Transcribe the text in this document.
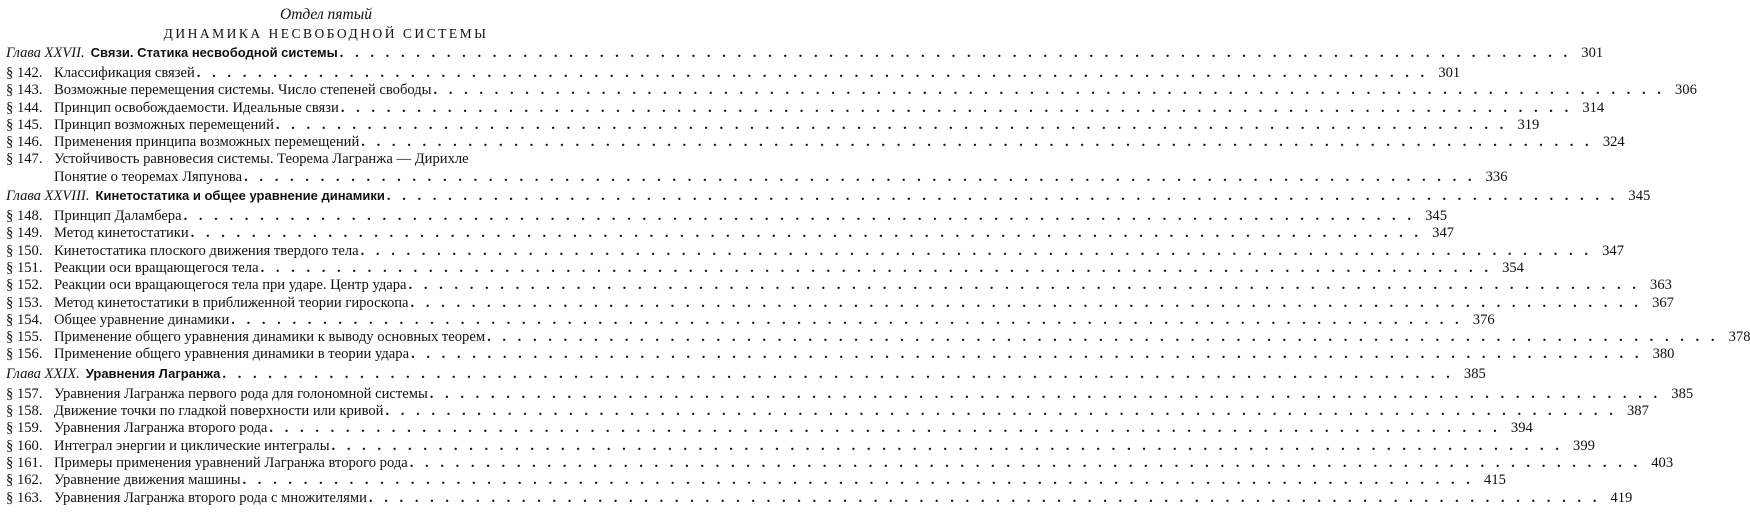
Отдел пятый
ДИНАМИКА НЕСВОБОДНОЙ СИСТЕМЫ
Глава XXVII. Связи. Статика несвободной системы . . .	301
§ 142. Классификация связей . . .	301
§ 143. Возможные перемещения системы. Число степеней свободы . . .	306
§ 144. Принцип освобождаемости. Идеальные связи . . .	314
§ 145. Принцип возможных перемещений . . .	319
§ 146. Применения принципа возможных перемещений . . .	324
§ 147. Устойчивость равновесия системы. Теорема Лагранжа — Дирихле
Понятие о теоремах Ляпунова . . .	336
Глава XXVIII. Кинетостатика и общее уравнение динамики . . .	345
§ 148. Принцип Даламбера . . .	345
§ 149. Метод кинетостатики . . .	347
§ 150. Кинетостатика плоского движения твердого тела . . .	347
§ 151. Реакции оси вращающегося тела . . .	354
§ 152. Реакции оси вращающегося тела при ударе. Центр удара . . .	363
§ 153. Метод кинетостатики в приближенной теории гироскопа . . .	367
§ 154. Общее уравнение динамики . . .	376
§ 155. Применение общего уравнения динамики к выводу основных теорем . . .	378
§ 156. Применение общего уравнения динамики в теории удара . . .	380
Глава XXIX. Уравнения Лагранжа . . .	385
§ 157. Уравнения Лагранжа первого рода для голономной системы . . .	385
§ 158. Движение точки по гладкой поверхности или кривой . . .	387
§ 159. Уравнения Лагранжа второго рода . . .	394
§ 160. Интеграл энергии и циклические интегралы . . .	399
§ 161. Примеры применения уравнений Лагранжа второго рода . . .	403
§ 162. Уравнение движения машины . . .	415
§ 163. Уравнения Лагранжа второго рода с множителями . . .	419
